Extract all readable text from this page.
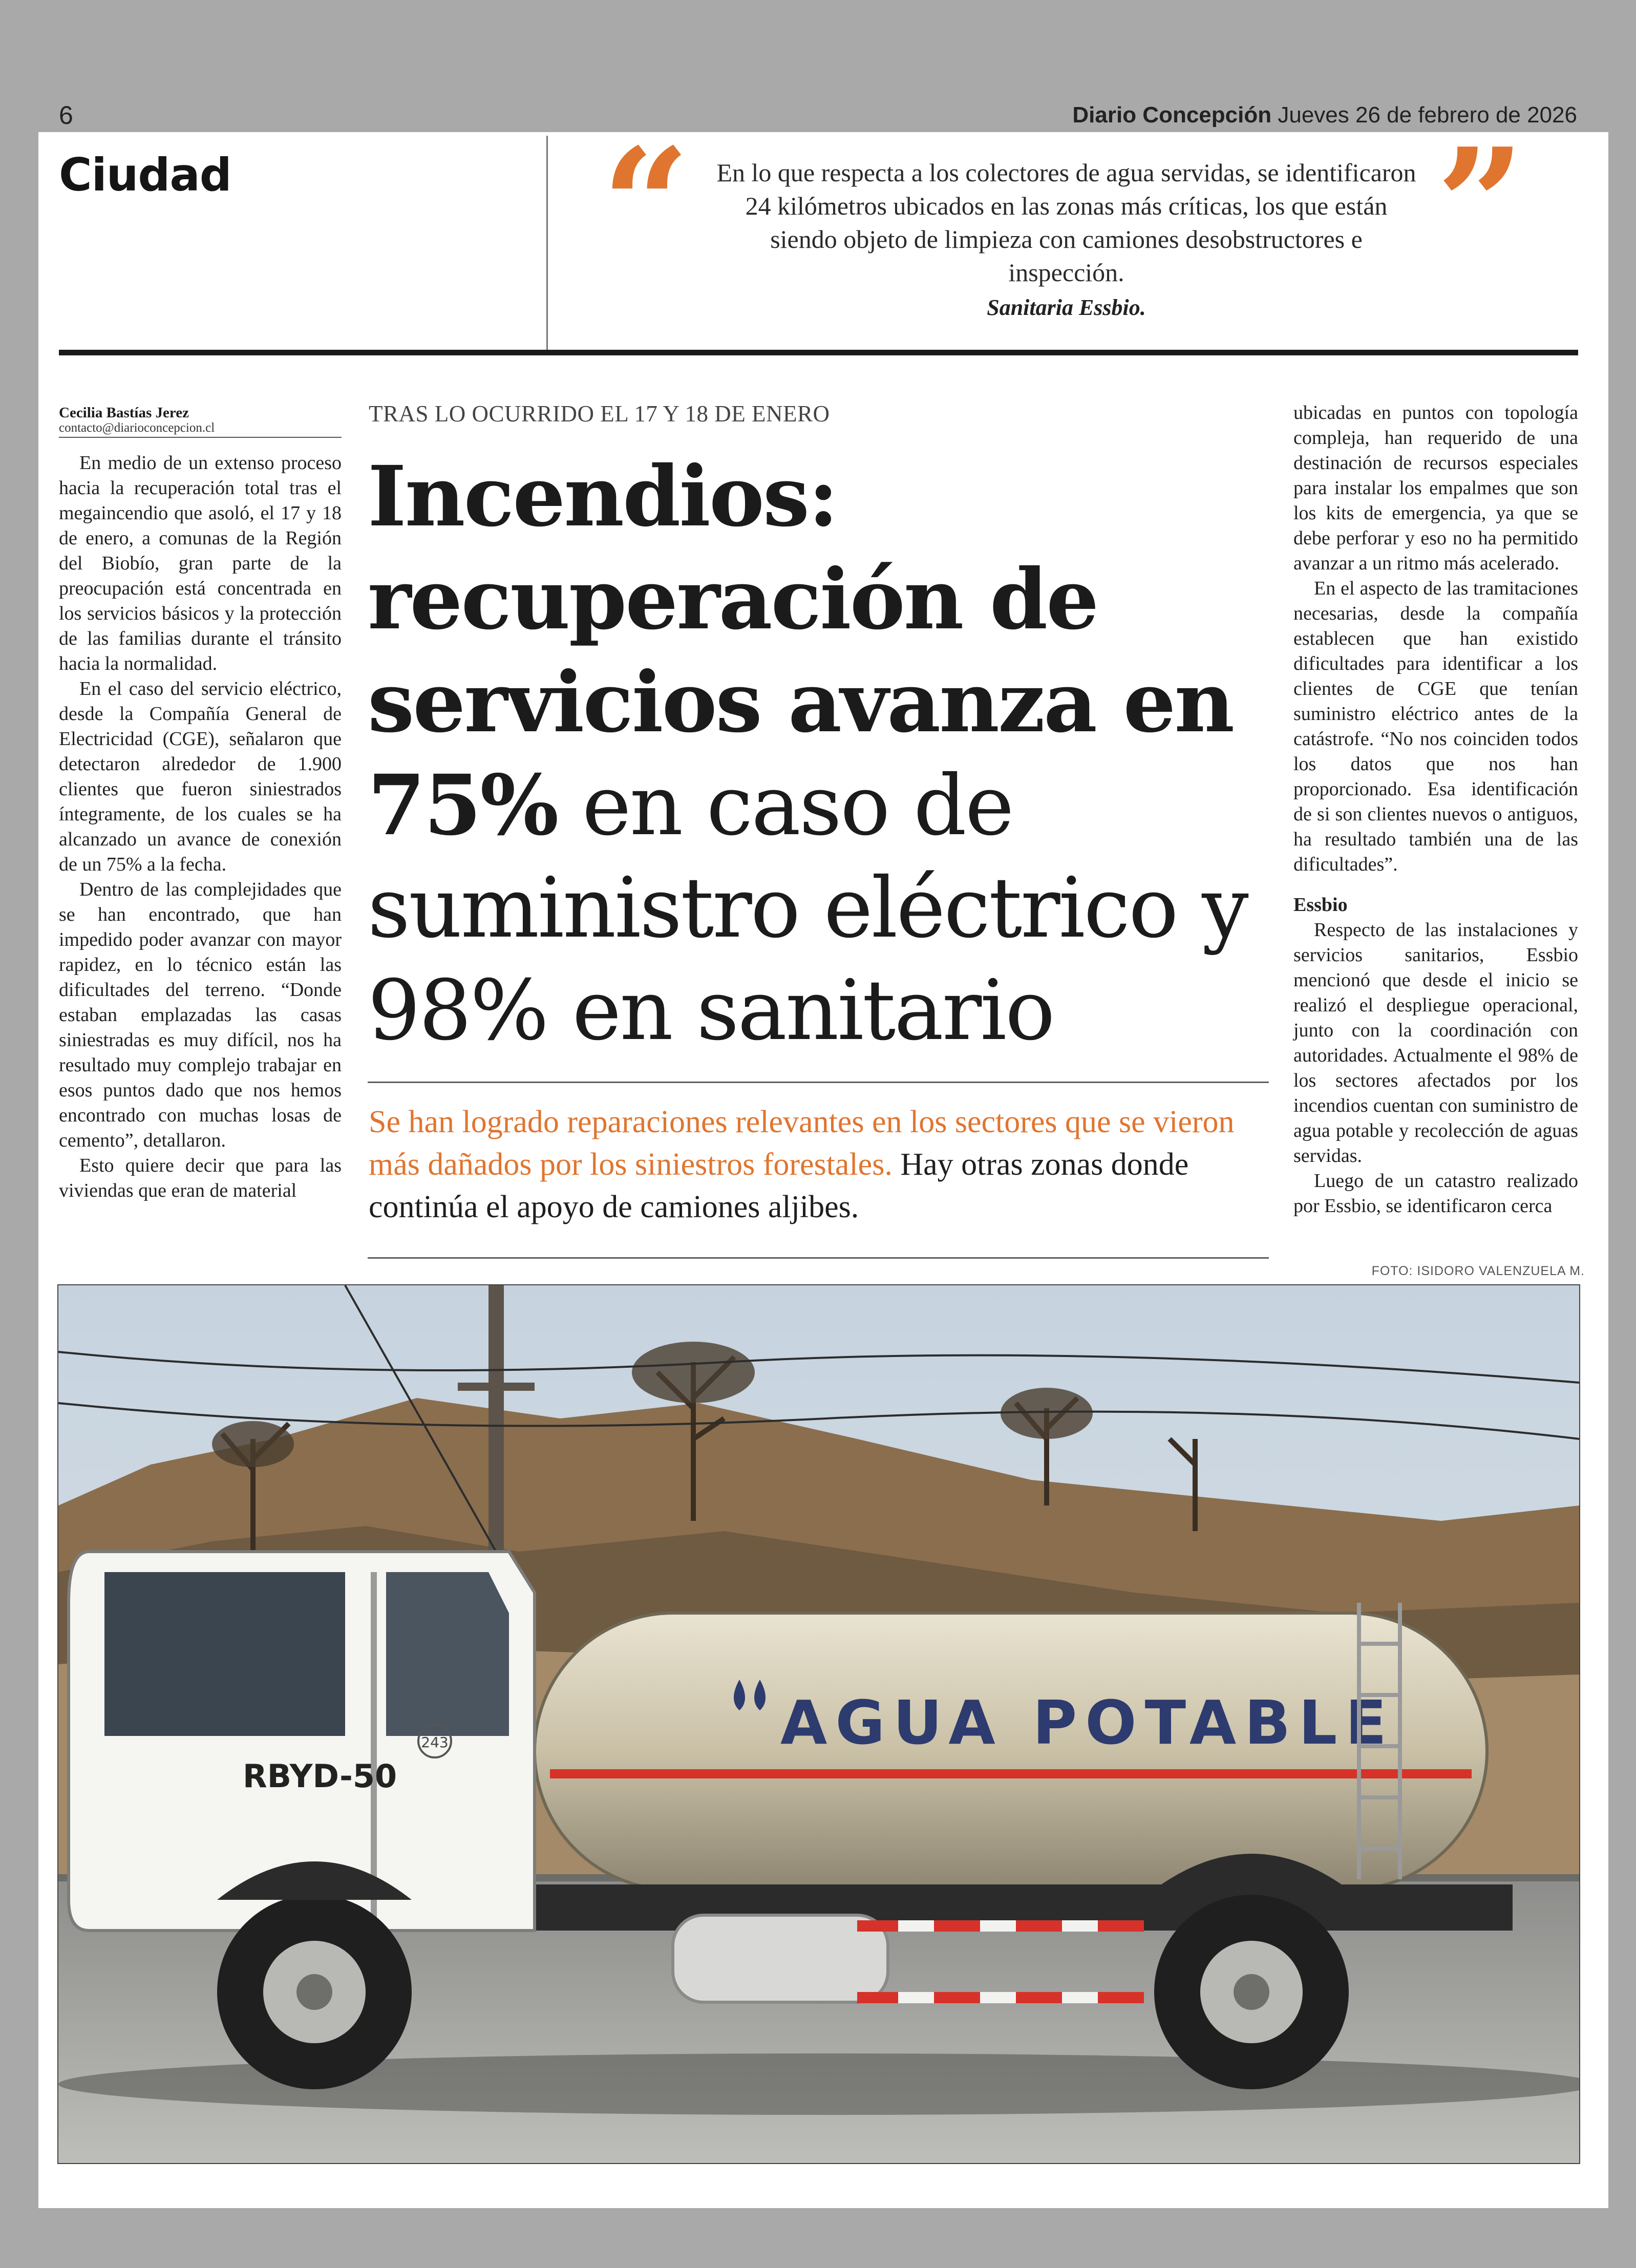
6	Diario Concepción Jueves 26 de febrero de 2026
Ciudad “ En lo que respecta a los colectores de agua servidas, se identificaron 24 kilómetros ubicados en las zonas más críticas, los que están siendo objeto de limpieza con camiones desobstructores e inspección.
Sanitaria Essbio.
”
Cecilia Bastías Jerez
contacto@diarioconcepcion.cl

En medio de un extenso proceso hacia la recuperación total tras el megaincendio que asoló, el 17 y 18 de enero, a comunas de la Región del Biobío, gran parte de la preocupación está concentrada en los servicios básicos y la protección de las familias durante el tránsito hacia la normalidad.

En el caso del servicio eléctrico, desde la Compañía General de Electricidad (CGE), señalaron que detectaron alrededor de 1.900 clientes que fueron siniestrados íntegramente, de los cuales se ha alcanzado un avance de conexión de un 75% a la fecha.

Dentro de las complejidades que se han encontrado, que han impedido poder avanzar con mayor rapidez, en lo técnico están las dificultades del terreno. “Donde estaban emplazadas las casas siniestradas es muy difícil, nos ha resultado muy complejo trabajar en esos puntos dado que nos hemos encontrado con muchas losas de cemento”, detallaron.

Esto quiere decir que para las viviendas que eran de material

TRAS LO OCURRIDO EL 17 Y 18 DE ENERO
Incendios: recuperación de servicios avanza en 75% en caso de suministro eléctrico y 98% en sanitario
Se han logrado reparaciones relevantes en los sectores que se vieron más dañados por los siniestros forestales. Hay otras zonas donde continúa el apoyo de camiones aljibes.

ubicadas en puntos con topología compleja, han requerido de una destinación de recursos especiales para instalar los empalmes que son los kits de emergencia, ya que se debe perforar y eso no ha permitido avanzar a un ritmo más acelerado.

En el aspecto de las tramitaciones necesarias, desde la compañía establecen que han existido dificultades para identificar a los clientes de CGE que tenían suministro eléctrico antes de la catástrofe. “No nos coinciden todos los datos que nos han proporcionado. Esa identificación de si son clientes nuevos o antiguos, ha resultado también una de las dificultades”.

Essbio

Respecto de las instalaciones y servicios sanitarios, Essbio mencionó que desde el inicio se realizó el despliegue operacional, junto con la coordinación con autoridades. Actualmente el 98% de los sectores afectados por los incendios cuentan con suministro de agua potable y recolección de aguas servidas.

Luego de un catastro realizado por Essbio, se identificaron cerca

FOTO: ISIDORO VALENZUELA M.
AGUA POTABLE
RBYD-50
243
